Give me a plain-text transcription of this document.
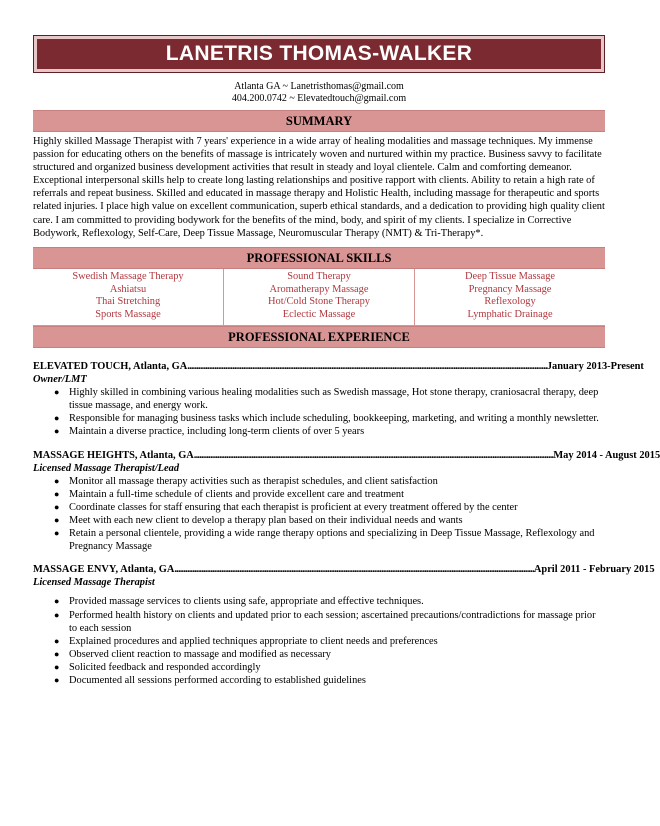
LANETRIS THOMAS-WALKER
Atlanta GA ~ Lanetristhomas@gmail.com
404.200.0742 ~ Elevatedtouch@gmail.com
SUMMARY
Highly skilled Massage Therapist with 7 years' experience in a wide array of healing modalities and massage techniques. My immense passion for educating others on the benefits of massage is intricately woven and nurtured within my practice. Business savvy to facilitate structured and organized business development activities that result in steady and loyal clientele. Calm and comforting demeanor. Exceptional interpersonal skills help to create long lasting relationships and positive rapport with clients. Ability to retain a high rate of referrals and repeat business. Skilled and educated in massage therapy and Holistic Health, including massage for therapeutic and sports related injuries. I place high value on excellent communication, superb ethical standards, and a dedication to providing high quality client care. I am committed to providing bodywork for the benefits of the mind, body, and spirit of my clients. I specialize in Corrective Bodywork, Reflexology, Self-Care, Deep Tissue Massage, Neuromuscular Therapy (NMT) & Tri-Therapy*.
PROFESSIONAL SKILLS
Swedish Massage Therapy
Ashiatsu
Thai Stretching
Sports Massage
Sound Therapy
Aromatherapy Massage
Hot/Cold Stone Therapy
Eclectic Massage
Deep Tissue Massage
Pregnancy Massage
Reflexology
Lymphatic Drainage
PROFESSIONAL EXPERIENCE
ELEVATED TOUCH, Atlanta, GA ........................................................................................................................................................................................................ January 2013-Present
Owner/LMT
● Highly skilled in combining various healing modalities such as Swedish massage, Hot stone therapy, craniosacral therapy, deep tissue massage, and energy work.
● Responsible for managing business tasks which include scheduling, bookkeeping, marketing, and writing a monthly newsletter.
● Maintain a diverse practice, including long-term clients of over 5 years
MASSAGE HEIGHTS, Atlanta, GA ........................................................................................................................................................................................................ May 2014 - August 2015
Licensed Massage Therapist/Lead
● Monitor all massage therapy activities such as therapist schedules, and client satisfaction
● Maintain a full-time schedule of clients and provide excellent care and treatment
● Coordinate classes for staff ensuring that each therapist is proficient at every treatment offered by the center
● Meet with each new client to develop a therapy plan based on their individual needs and wants
● Retain a personal clientele, providing a wide range therapy options and specializing in Deep Tissue Massage, Reflexology and Pregnancy Massage
MASSAGE ENVY, Atlanta, GA ........................................................................................................................................................................................................ April 2011 - February 2015
Licensed Massage Therapist
● Provided massage services to clients using safe, appropriate and effective techniques.
● Performed health history on clients and updated prior to each session; ascertained precautions/contradictions for massage prior to each session
● Explained procedures and applied techniques appropriate to client needs and preferences
● Observed client reaction to massage and modified as necessary
● Solicited feedback and responded accordingly
● Documented all sessions performed according to established guidelines
